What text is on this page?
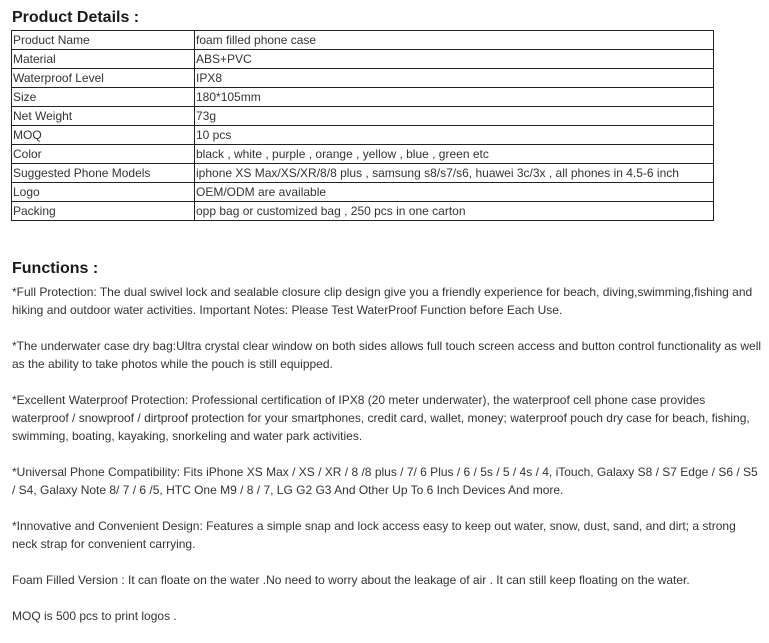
Product Details :
Product Name	foam filled phone case
Material	ABS+PVC
Waterproof Level	IPX8
Size	180*105mm
Net Weight	73g
MOQ	10 pcs
Color	black , white , purple , orange , yellow , blue , green etc
Suggested Phone Models	iphone XS Max/XS/XR/8/8 plus , samsung s8/s7/s6, huawei 3c/3x , all phones in 4.5-6 inch
Logo	OEM/ODM are available
Packing	opp bag or customized bag , 250 pcs in one carton
Functions :

*Full Protection: The dual swivel lock and sealable closure clip design give you a friendly experience for beach, diving,swimming,fishing and hiking and outdoor water activities. Important Notes: Please Test WaterProof Function before Each Use.

*The underwater case dry bag:Ultra crystal clear window on both sides allows full touch screen access and button control functionality as well as the ability to take photos while the pouch is still equipped.

*Excellent Waterproof Protection: Professional certification of IPX8 (20 meter underwater), the waterproof cell phone case provides waterproof / snowproof / dirtproof protection for your smartphones, credit card, wallet, money; waterproof pouch dry case for beach, fishing, swimming, boating, kayaking, snorkeling and water park activities.

*Universal Phone Compatibility: Fits iPhone XS Max / XS / XR / 8 /8 plus / 7/ 6 Plus / 6 / 5s / 5 / 4s / 4, iTouch, Galaxy S8 / S7 Edge / S6 / S5 / S4, Galaxy Note 8/ 7 / 6 /5, HTC One M9 / 8 / 7, LG G2 G3 And Other Up To 6 Inch Devices And more.

*Innovative and Convenient Design: Features a simple snap and lock access easy to keep out water, snow, dust, sand, and dirt; a strong neck strap for convenient carrying.

Foam Filled Version : It can floate on the water .No need to worry about the leakage of air . It can still keep floating on the water.

MOQ is 500 pcs to print logos .
